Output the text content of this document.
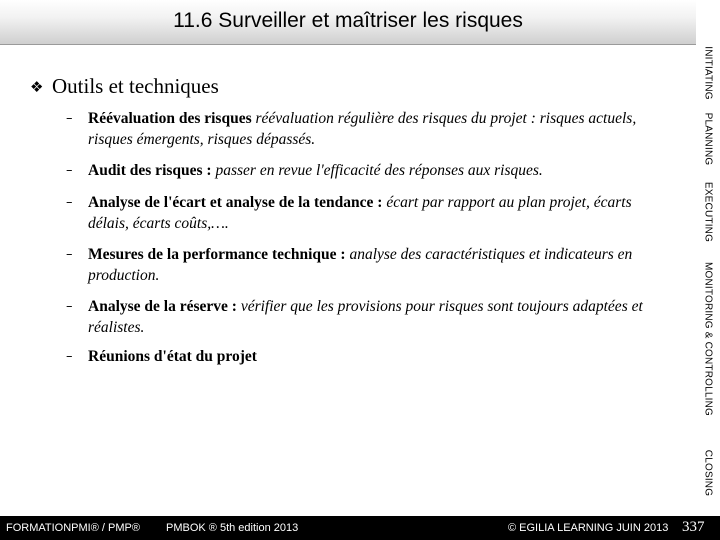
11.6 Surveiller et maîtriser les risques
INITIATING
PLANNING
EXECUTING
MONITORING & CONTROLLING
CLOSING
❖ Outils et techniques
–	Réévaluation des risques réévaluation régulière des risques du projet : risques actuels, risques émergents, risques dépassés.
–	Audit des risques : passer en revue l'efficacité des réponses aux risques.
–	Analyse de l'écart et analyse de la tendance : écart par rapport au plan projet, écarts délais, écarts coûts,….
–	Mesures de la performance technique : analyse des caractéristiques et indicateurs en production.
–	Analyse de la réserve : vérifier que les provisions pour risques sont toujours adaptées et réalistes.
–	Réunions d'état du projet
FORMATIONPMI® / PMP® PMBOK ® 5th edition 2013	© EGILIA LEARNING JUIN 2013 337
